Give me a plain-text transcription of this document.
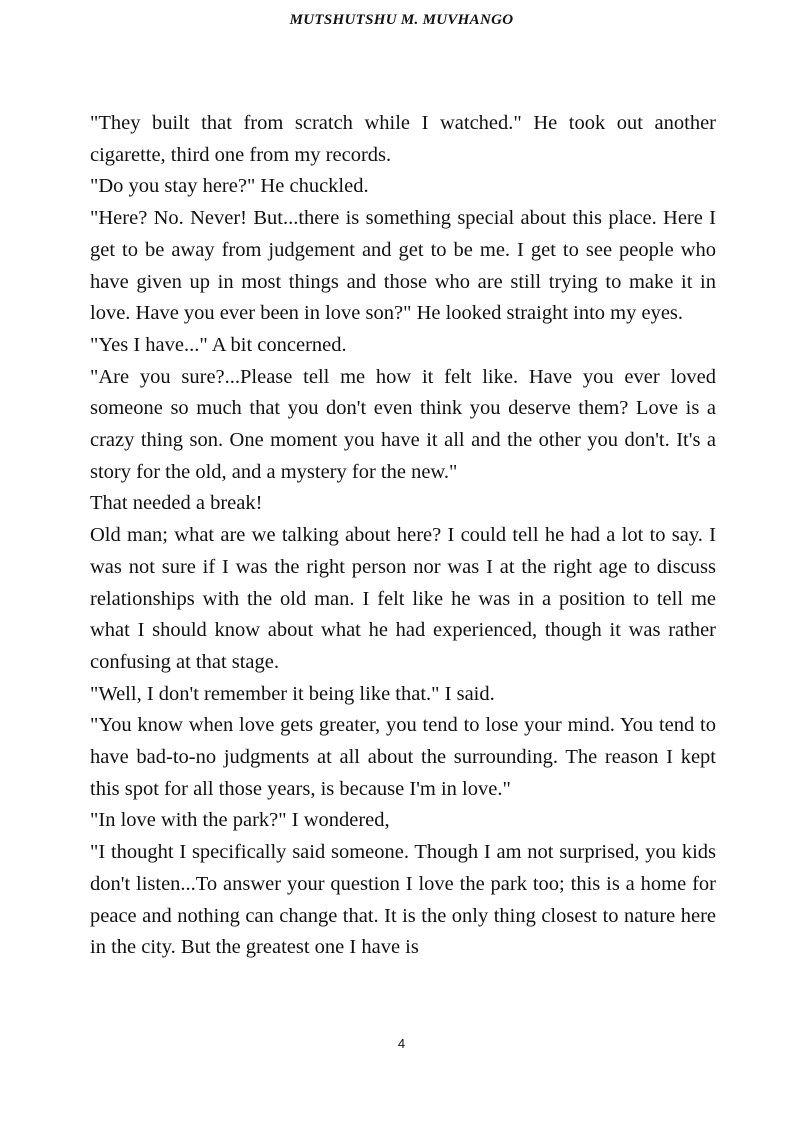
MUTSHUTSHU M. MUVHANGO

"They built that from scratch while I watched." He took out another cigarette, third one from my records.

"Do you stay here?" He chuckled.

"Here? No. Never! But...there is something special about this place. Here I get to be away from judgement and get to be me. I get to see people who have given up in most things and those who are still trying to make it in love. Have you ever been in love son?" He looked straight into my eyes.

"Yes I have..." A bit concerned.

"Are you sure?...Please tell me how it felt like. Have you ever loved someone so much that you don't even think you deserve them? Love is a crazy thing son. One moment you have it all and the other you don't. It's a story for the old, and a mystery for the new."

That needed a break!

Old man; what are we talking about here? I could tell he had a lot to say. I was not sure if I was the right person nor was I at the right age to discuss relationships with the old man. I felt like he was in a position to tell me what I should know about what he had experienced, though it was rather confusing at that stage.

"Well, I don't remember it being like that." I said.

"You know when love gets greater, you tend to lose your mind. You tend to have bad-to-no judgments at all about the surrounding. The reason I kept this spot for all those years, is because I'm in love."

"In love with the park?" I wondered,

"I thought I specifically said someone. Though I am not surprised, you kids don't listen...To answer your question I love the park too; this is a home for peace and nothing can change that. It is the only thing closest to nature here in the city. But the greatest one I have is

4
